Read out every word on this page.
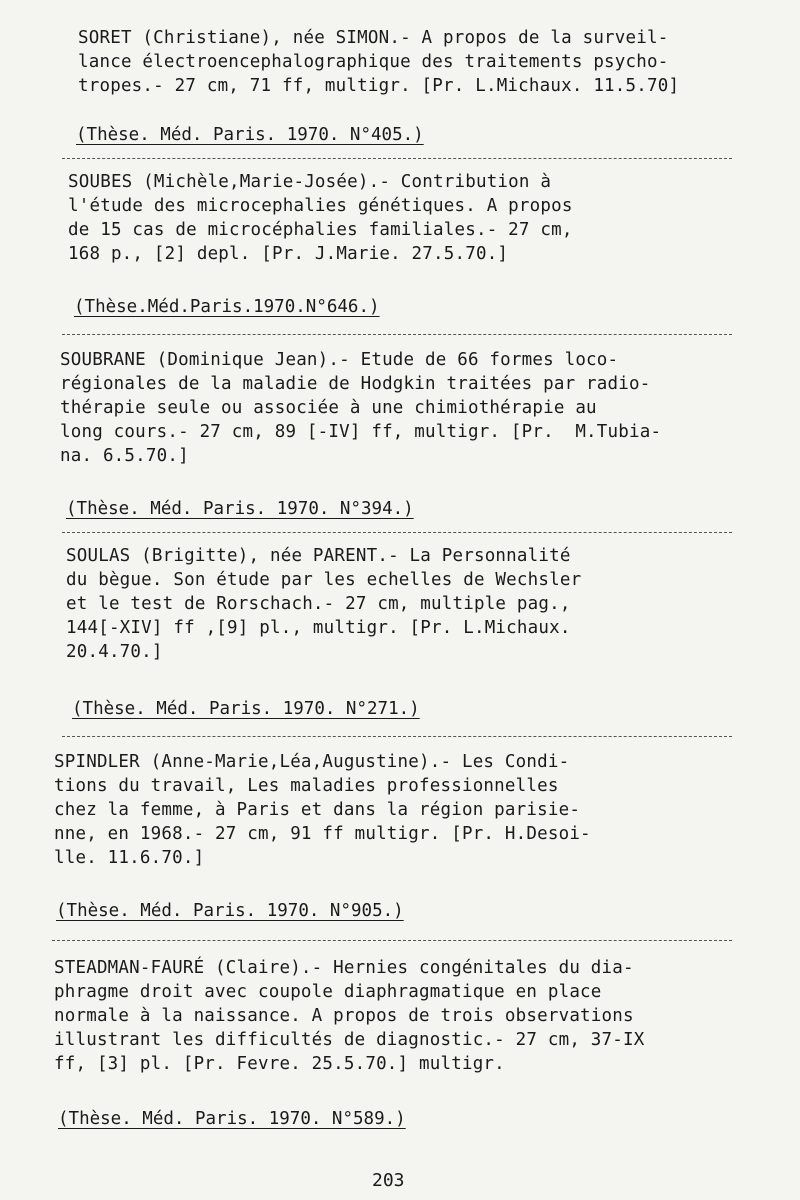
SORET (Christiane), née SIMON.- A propos de la surveil-
lance électroencephalographique des traitements psycho-
tropes.- 27 cm, 71 ff, multigr. [Pr. L.Michaux. 11.5.70]
(Thèse. Méd. Paris. 1970. N°405.)
SOUBES (Michèle,Marie-Josée).- Contribution à
l'étude des microcephalies génétiques. A propos
de 15 cas de microcéphalies familiales.- 27 cm,
168 p., [2] depl. [Pr. J.Marie. 27.5.70.]
(Thèse.Méd.Paris.1970.N°646.)
SOUBRANE (Dominique Jean).- Etude de 66 formes loco-
régionales de la maladie de Hodgkin traitées par radio-
thérapie seule ou associée à une chimiothérapie au
long cours.- 27 cm, 89 [-IV] ff, multigr. [Pr.  M.Tubia-
na. 6.5.70.]
(Thèse. Méd. Paris. 1970. N°394.)
SOULAS (Brigitte), née PARENT.- La Personnalité
du bègue. Son étude par les echelles de Wechsler
et le test de Rorschach.- 27 cm, multiple pag.,
144[-XIV] ff ,[9] pl., multigr. [Pr. L.Michaux.
20.4.70.]
(Thèse. Méd. Paris. 1970. N°271.)
SPINDLER (Anne-Marie,Léa,Augustine).- Les Condi-
tions du travail, Les maladies professionnelles
chez la femme, à Paris et dans la région parisie-
nne, en 1968.- 27 cm, 91 ff multigr. [Pr. H.Desoi-
lle. 11.6.70.]
(Thèse. Méd. Paris. 1970. N°905.)
STEADMAN-FAURÉ (Claire).- Hernies congénitales du dia-
phragme droit avec coupole diaphragmatique en place
normale à la naissance. A propos de trois observations
illustrant les difficultés de diagnostic.- 27 cm, 37-IX
ff, [3] pl. [Pr. Fevre. 25.5.70.] multigr.
(Thèse. Méd. Paris. 1970. N°589.)
203
